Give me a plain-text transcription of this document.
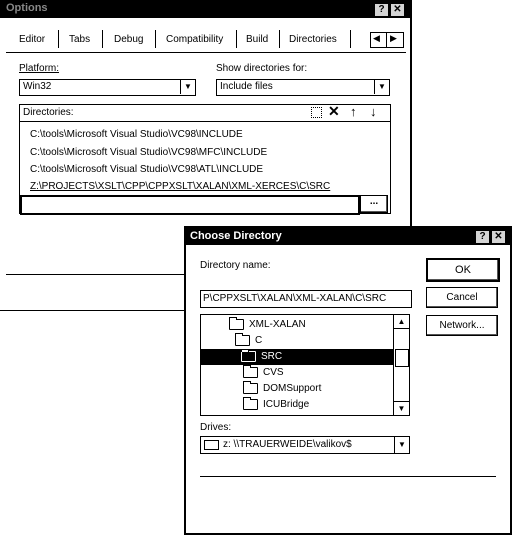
Options	? ✕
Editor Tabs Debug Compatibility Build Directories	◀ ▶
Platform:
Win32	▼
Show directories for:
Include files	▼
Directories:	✕ ↑ ↓
C:\tools\Microsoft Visual Studio\VC98\INCLUDE
C:\tools\Microsoft Visual Studio\VC98\MFC\INCLUDE
C:\tools\Microsoft Visual Studio\VC98\ATL\INCLUDE
Z:\PROJECTS\XSLT\CPP\CPPXSLT\XALAN\XML-XERCES\C\SRC
...
Choose Directory	? ✕
Directory name:	OK
Cancel
Network...
P\CPPXSLT\XALAN\XML-XALAN\C\SRC
XML-XALAN
C
SRC
CVS
DOMSupport
ICUBridge
▲
▼
Drives:
z: \\TRAUERWEIDE\valikov$	▼
